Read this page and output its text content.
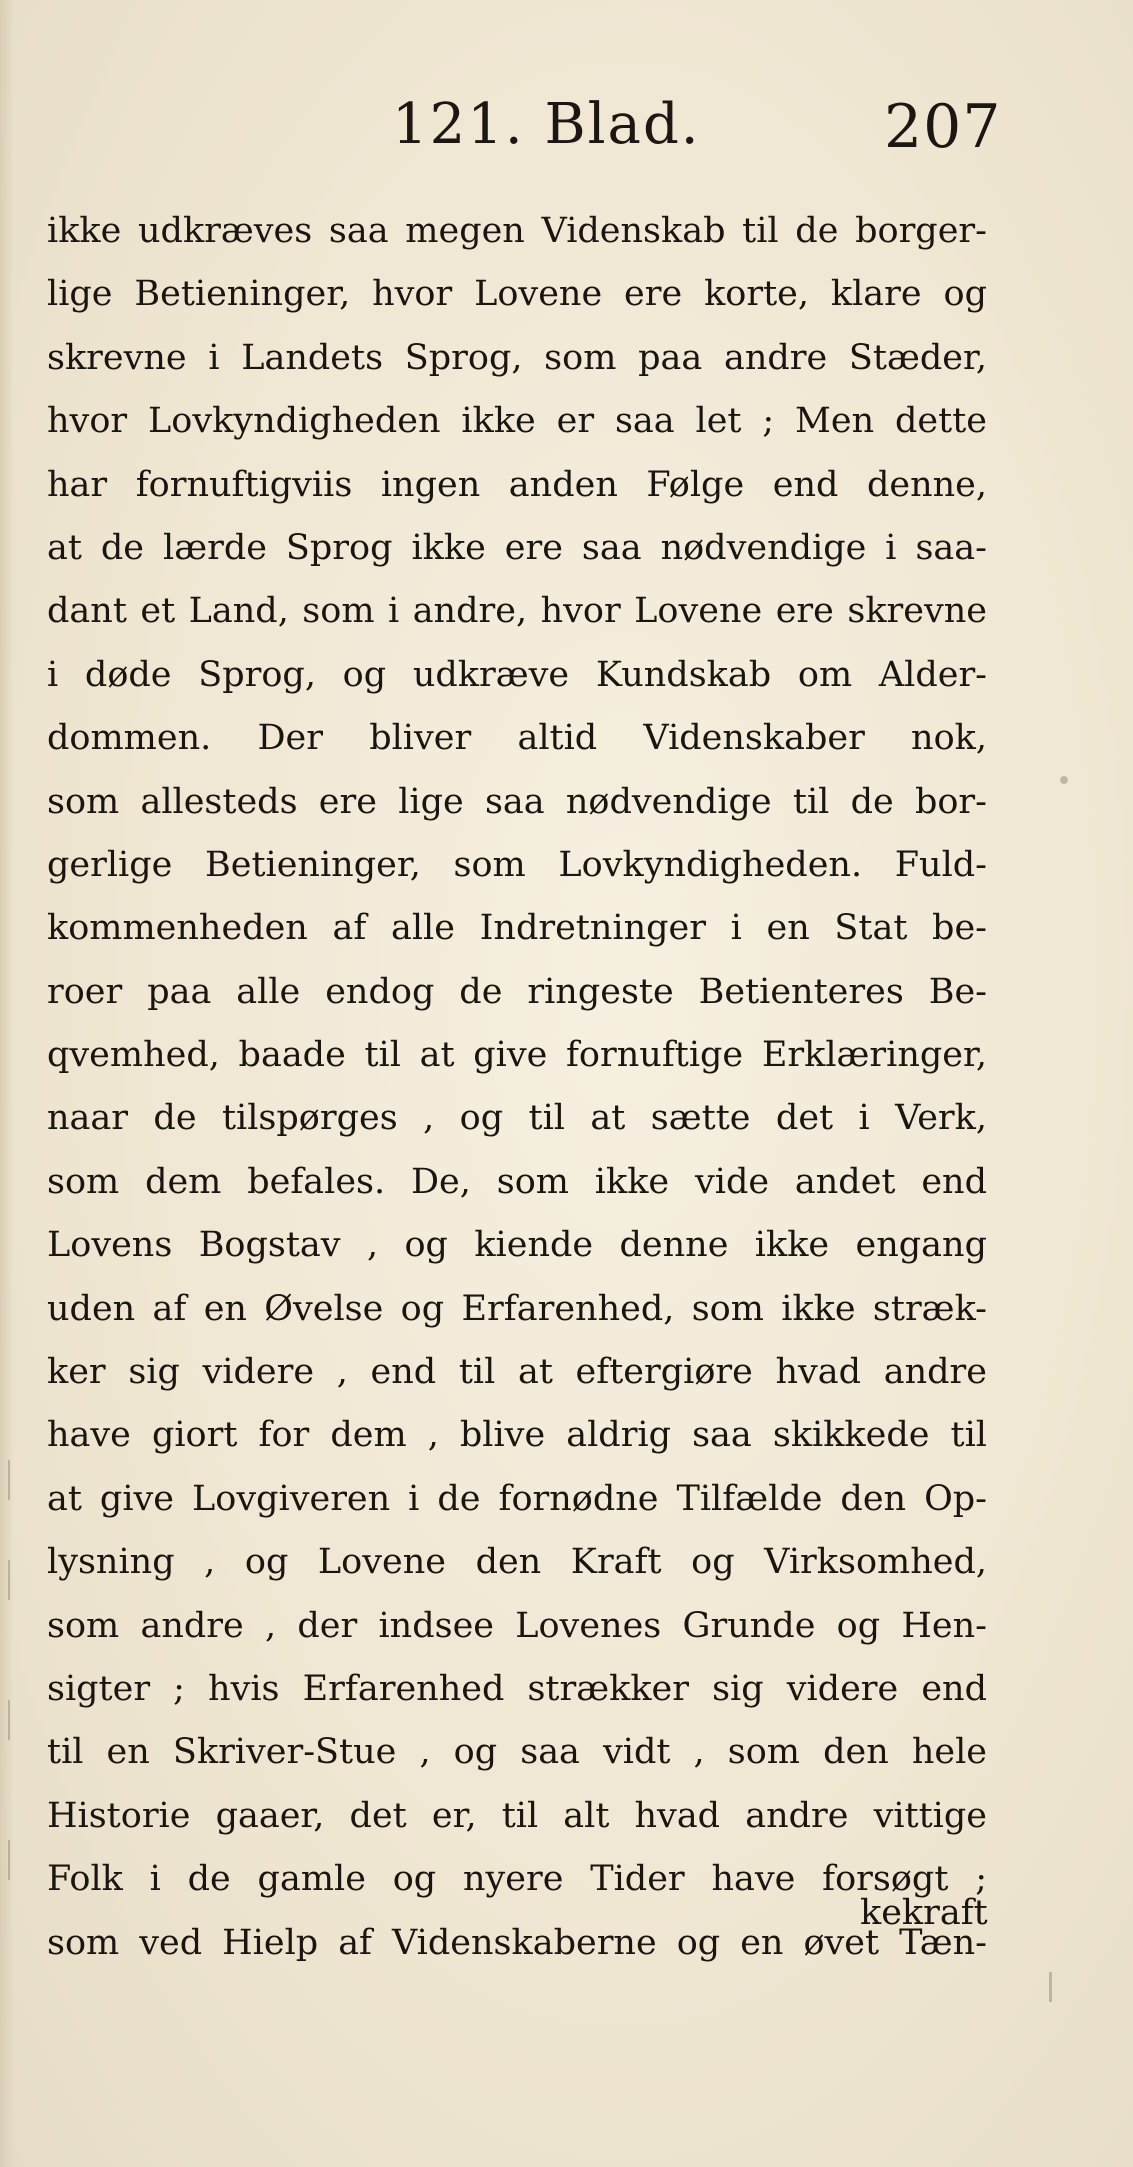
121. Blad.	207
ikke udkræves saa megen Videnskab til de borger-
lige Betieninger, hvor Lovene ere korte, klare og
skrevne i Landets Sprog, som paa andre Stæder,
hvor Lovkyndigheden ikke er saa let ; Men dette
har fornuftigviis ingen anden Følge end denne,
at de lærde Sprog ikke ere saa nødvendige i saa-
dant et Land, som i andre, hvor Lovene ere skrevne
i døde Sprog, og udkræve Kundskab om Alder-
dommen. Der bliver altid Videnskaber nok,
som allesteds ere lige saa nødvendige til de bor-
gerlige Betieninger, som Lovkyndigheden. Fuld-
kommenheden af alle Indretninger i en Stat be-
roer paa alle endog de ringeste Betienteres Be-
qvemhed, baade til at give fornuftige Erklæringer,
naar de tilspørges , og til at sætte det i Verk,
som dem befales. De, som ikke vide andet end
Lovens Bogstav , og kiende denne ikke engang
uden af en Øvelse og Erfarenhed, som ikke stræk-
ker sig videre , end til at eftergiøre hvad andre
have giort for dem , blive aldrig saa skikkede til
at give Lovgiveren i de fornødne Tilfælde den Op-
lysning , og Lovene den Kraft og Virksomhed,
som andre , der indsee Lovenes Grunde og Hen-
sigter ; hvis Erfarenhed strækker sig videre end
til en Skriver-Stue , og saa vidt , som den hele
Historie gaaer, det er, til alt hvad andre vittige
Folk i de gamle og nyere Tider have forsøgt ;
som ved Hielp af Videnskaberne og en øvet Tæn-
kekraft
